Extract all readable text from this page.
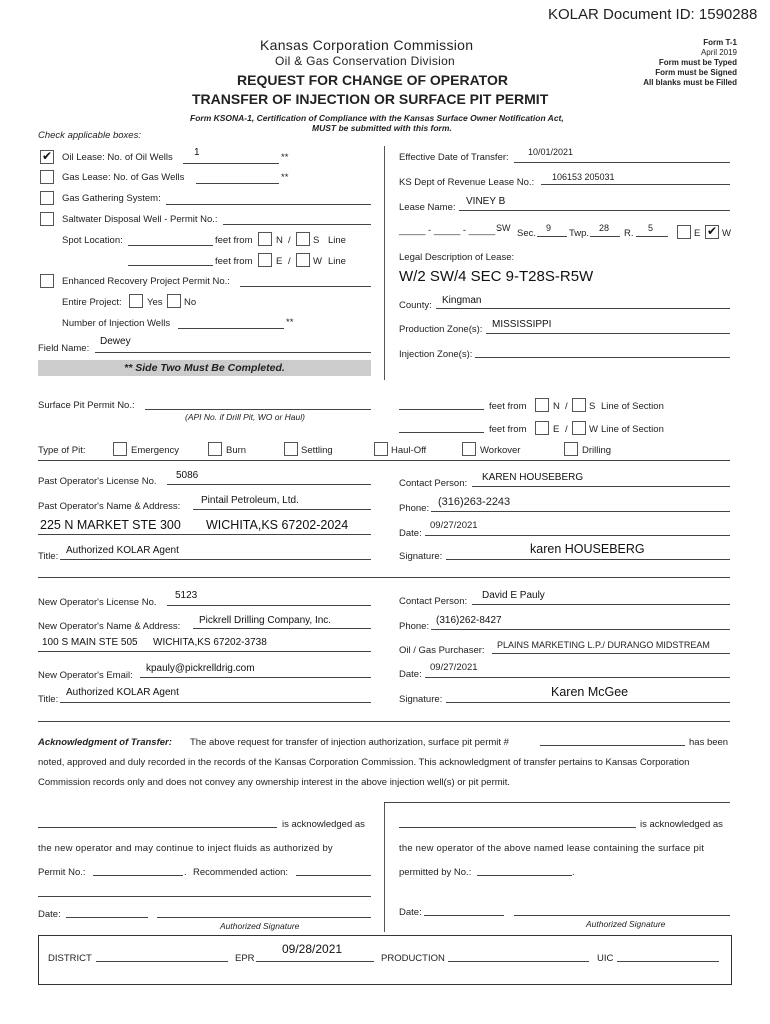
KOLAR Document ID: 1590288
Kansas Corporation Commission
Oil & Gas Conservation Division
Form T-1
April 2019
Form must be Typed
Form must be Signed
All blanks must be Filled
REQUEST FOR CHANGE OF OPERATOR
TRANSFER OF INJECTION OR SURFACE PIT PERMIT
Form KSONA-1, Certification of Compliance with the Kansas Surface Owner Notification Act,
MUST be submitted with this form.
Check applicable boxes:
✔
Oil Lease: No. of Oil Wells 1	**
Gas Lease: No. of Gas Wells	**
Gas Gathering System:
Saltwater Disposal Well - Permit No.:
Spot Location:	feet from N / S Line
feet from E / W Line
Enhanced Recovery Project Permit No.:
Entire Project:	Yes No
Number of Injection Wells	**
Field Name:
Dewey
** Side Two Must Be Completed.
Effective Date of Transfer: 10/01/2021
KS Dept of Revenue Lease No.: 106153 205031
Lease Name:
VINEY B
_____ - _____ - _____ -
SW Sec. 9 Twp. 28 R. 5	E
✔ W
Legal Description of Lease:
W/2 SW/4 SEC 9-T28S-R5W
County: Kingman
Production Zone(s): MISSISSIPPI
Injection Zone(s):
Surface Pit Permit No.:
(API No. if Drill Pit, WO or Haul)
feet from	N / S Line of Section
feet from	E / W Line of Section
Type of Pit:	Emergency	Burn	Settling	Haul-Off	Workover	Drilling
Past Operator's License No.
5086
Past Operator's Name & Address:
Pintail Petroleum, Ltd.
225 N MARKET STE 300 WICHITA,KS 67202-2024
Title:
Authorized KOLAR Agent
Contact Person:
KAREN HOUSEBERG
Phone:
(316)263-2243
Date:
09/27/2021
Signature:
karen HOUSEBERG
New Operator's License No.
5123
New Operator's Name & Address:
Pickrell Drilling Company, Inc.
100 S MAIN STE 505 WICHITA,KS 67202-3738
New Operator's Email:
kpauly@pickrelldrig.com
Title:
Authorized KOLAR Agent
Contact Person:
David E Pauly
Phone:
(316)262-8427
Oil / Gas Purchaser: PLAINS MARKETING L.P./ DURANGO MIDSTREAM
Date:
09/27/2021
Signature:
Karen McGee
Acknowledgment of Transfer: The above request for transfer of injection authorization, surface pit permit #	has been
noted, approved and duly recorded in the records of the Kansas Corporation Commission. This acknowledgment of transfer pertains to Kansas Corporation
Commission records only and does not convey any ownership interest in the above injection well(s) or pit permit.
is acknowledged as
the new operator and may continue to inject fluids as authorized by
Permit No.:	. Recommended action:
Date:
Authorized Signature
is acknowledged as
the new operator of the above named lease containing the surface pit
permitted by No.:	.
Date:
Authorized Signature
DISTRICT	EPR
09/28/2021
PRODUCTION	UIC
